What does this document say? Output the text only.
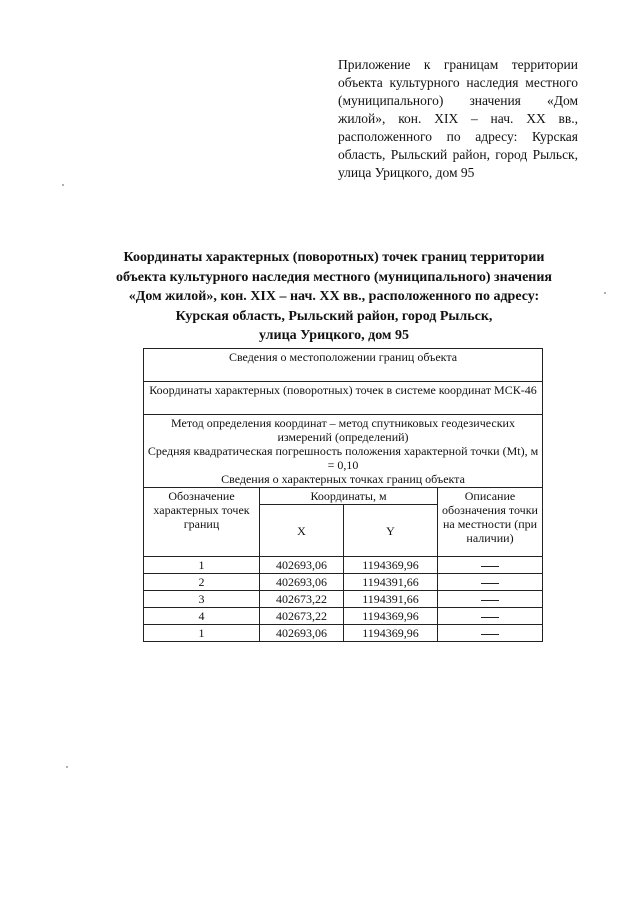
Приложение к границам территории объекта культурного наследия местного (муниципального) значения «Дом жилой», кон. XIX – нач. XX вв., расположенного по адресу: Курская область, Рыльский район, город Рыльск, улица Урицкого, дом 95
Координаты характерных (поворотных) точек границ территории
объекта культурного наследия местного (муниципального) значения
«Дом жилой», кон. XIX – нач. XX вв., расположенного по адресу:
Курская область, Рыльский район, город Рыльск,
улица Урицкого, дом 95
Сведения о местоположении границ объекта			
Координаты характерных (поворотных) точек в системе координат МСК-46			

Метод определения координат – метод спутниковых геодезических измерений (определений)
Средняя квадратическая погрешность положения характерной точки (Mt), м = 0,10
Сведения о характерных точках границ объекта			

Обозначение характерных точек границ	Координаты, м		Описание обозначения точки на местности (при наличии)
	X	Y	
1	402693,06	1194369,96	
2	402693,06	1194391,66	
3	402673,22	1194391,66	
4	402673,22	1194369,96	
1	402693,06	1194369,96	
